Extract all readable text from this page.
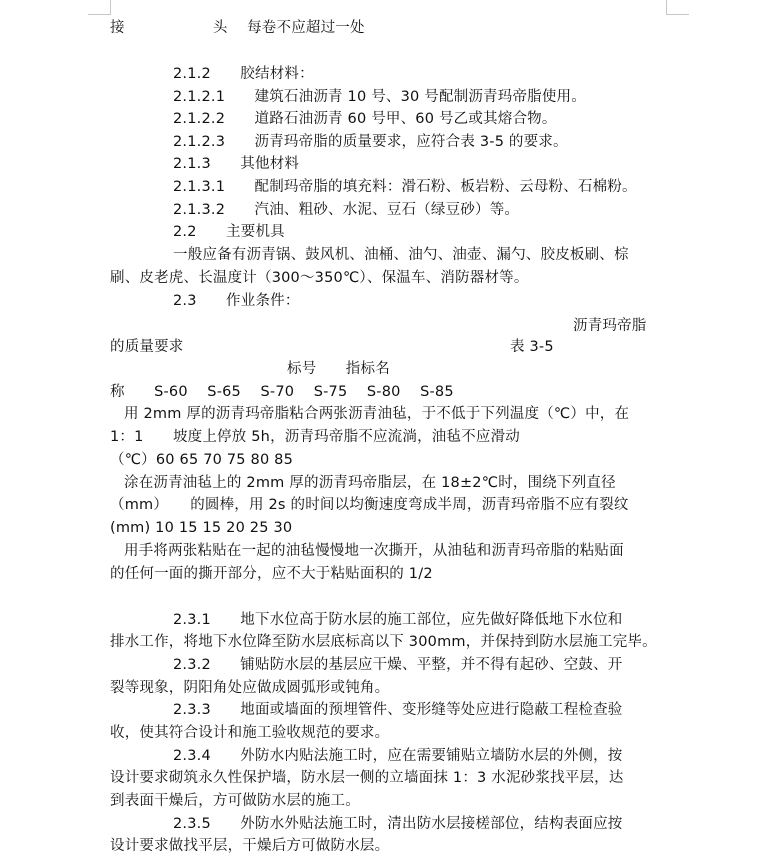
接　　　　　　头　 每卷不应超过一处
2.1.2　　胶结材料：
2.1.2.1　　建筑石油沥青 10 号、30 号配制沥青玛帝脂使用。
2.1.2.2　　道路石油沥青 60 号甲、60 号乙或其熔合物。
2.1.2.3　　沥青玛帝脂的质量要求，应符合表 3-5 的要求。
2.1.3　　其他材料
2.1.3.1　　配制玛帝脂的填充料：滑石粉、板岩粉、云母粉、石棉粉。
2.1.3.2　　汽油、粗砂、水泥、豆石（绿豆砂）等。
2.2　　主要机具
一般应备有沥青锅、鼓风机、油桶、油勺、油壶、漏勺、胶皮板刷、棕
刷、皮老虎、长温度计（300～350℃）、保温车、消防器材等。
2.3　　作业条件：
沥青玛帝脂
的质量要求	表 3-5
标号　　指标名
称　　S-60　 S-65　 S-70　 S-75　 S-80　 S-85
用 2mm 厚的沥青玛帝脂粘合两张沥青油毡，于不低于下列温度（℃）中，在
1：1　　坡度上停放 5h，沥青玛帝脂不应流淌，油毡不应滑动
（℃）60 65 70 75 80 85
涂在沥青油毡上的 2mm 厚的沥青玛帝脂层，在 18±2℃时，围绕下列直径
（mm）　　的圆棒，用 2s 的时间以均衡速度弯成半周，沥青玛帝脂不应有裂纹
(mm) 10 15 15 20 25 30
用手将两张粘贴在一起的油毡慢慢地一次撕开，从油毡和沥青玛帝脂的粘贴面
的任何一面的撕开部分，应不大于粘贴面积的 1/2
2.3.1　　地下水位高于防水层的施工部位，应先做好降低地下水位和
排水工作，将地下水位降至防水层底标高以下 300mm，并保持到防水层施工完毕。
2.3.2　　铺贴防水层的基层应干燥、平整，并不得有起砂、空鼓、开
裂等现象，阴阳角处应做成圆弧形或钝角。
2.3.3　　地面或墙面的预埋管件、变形缝等处应进行隐蔽工程检查验
收，使其符合设计和施工验收规范的要求。
2.3.4　　外防水内贴法施工时，应在需要铺贴立墙防水层的外侧，按
设计要求砌筑永久性保护墙，防水层一侧的立墙面抹 1：3 水泥砂浆找平层，达
到表面干燥后，方可做防水层的施工。
2.3.5　　外防水外贴法施工时，清出防水层接槎部位，结构表面应按
设计要求做找平层，干燥后方可做防水层。
